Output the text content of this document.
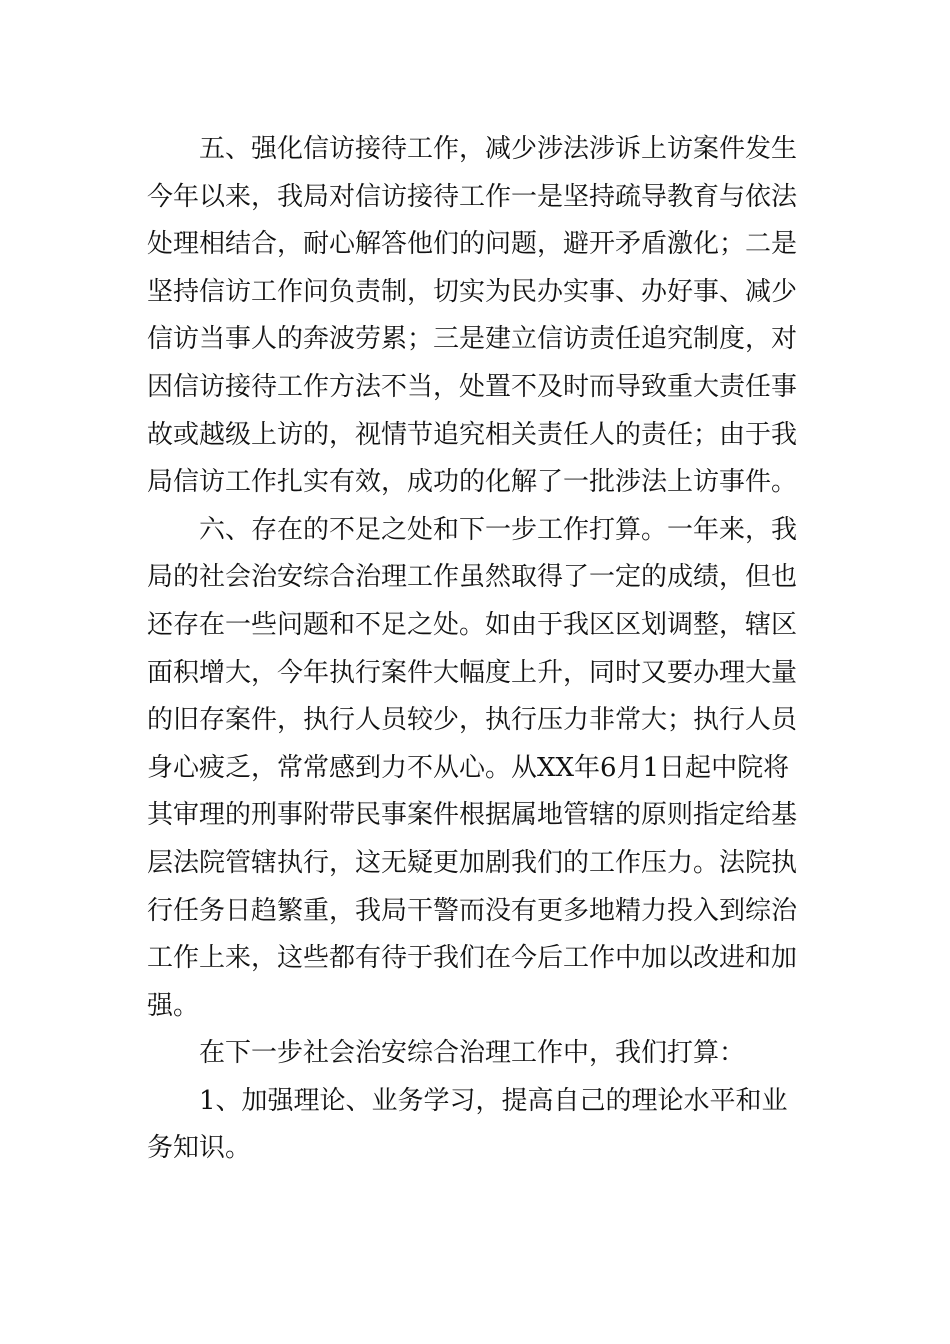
五、强化信访接待工作，减少涉法涉诉上访案件发生今年以来，我局对信访接待工作一是坚持疏导教育与依法处理相结合，耐心解答他们的问题，避开矛盾激化；二是坚持信访工作问负责制，切实为民办实事、办好事、减少信访当事人的奔波劳累；三是建立信访责任追究制度，对因信访接待工作方法不当，处置不及时而导致重大责任事故或越级上访的，视情节追究相关责任人的责任；由于我局信访工作扎实有效，成功的化解了一批涉法上访事件。

六、存在的不足之处和下一步工作打算。一年来，我局的社会治安综合治理工作虽然取得了一定的成绩，但也还存在一些问题和不足之处。如由于我区区划调整，辖区面积增大，今年执行案件大幅度上升，同时又要办理大量的旧存案件，执行人员较少，执行压力非常大；执行人员身心疲乏，常常感到力不从心。从XX年6月1日起中院将其审理的刑事附带民事案件根据属地管辖的原则指定给基层法院管辖执行，这无疑更加剧我们的工作压力。法院执行任务日趋繁重，我局干警而没有更多地精力投入到综治工作上来，这些都有待于我们在今后工作中加以改进和加强。

在下一步社会治安综合治理工作中，我们打算：

1、加强理论、业务学习，提高自己的理论水平和业务知识。
